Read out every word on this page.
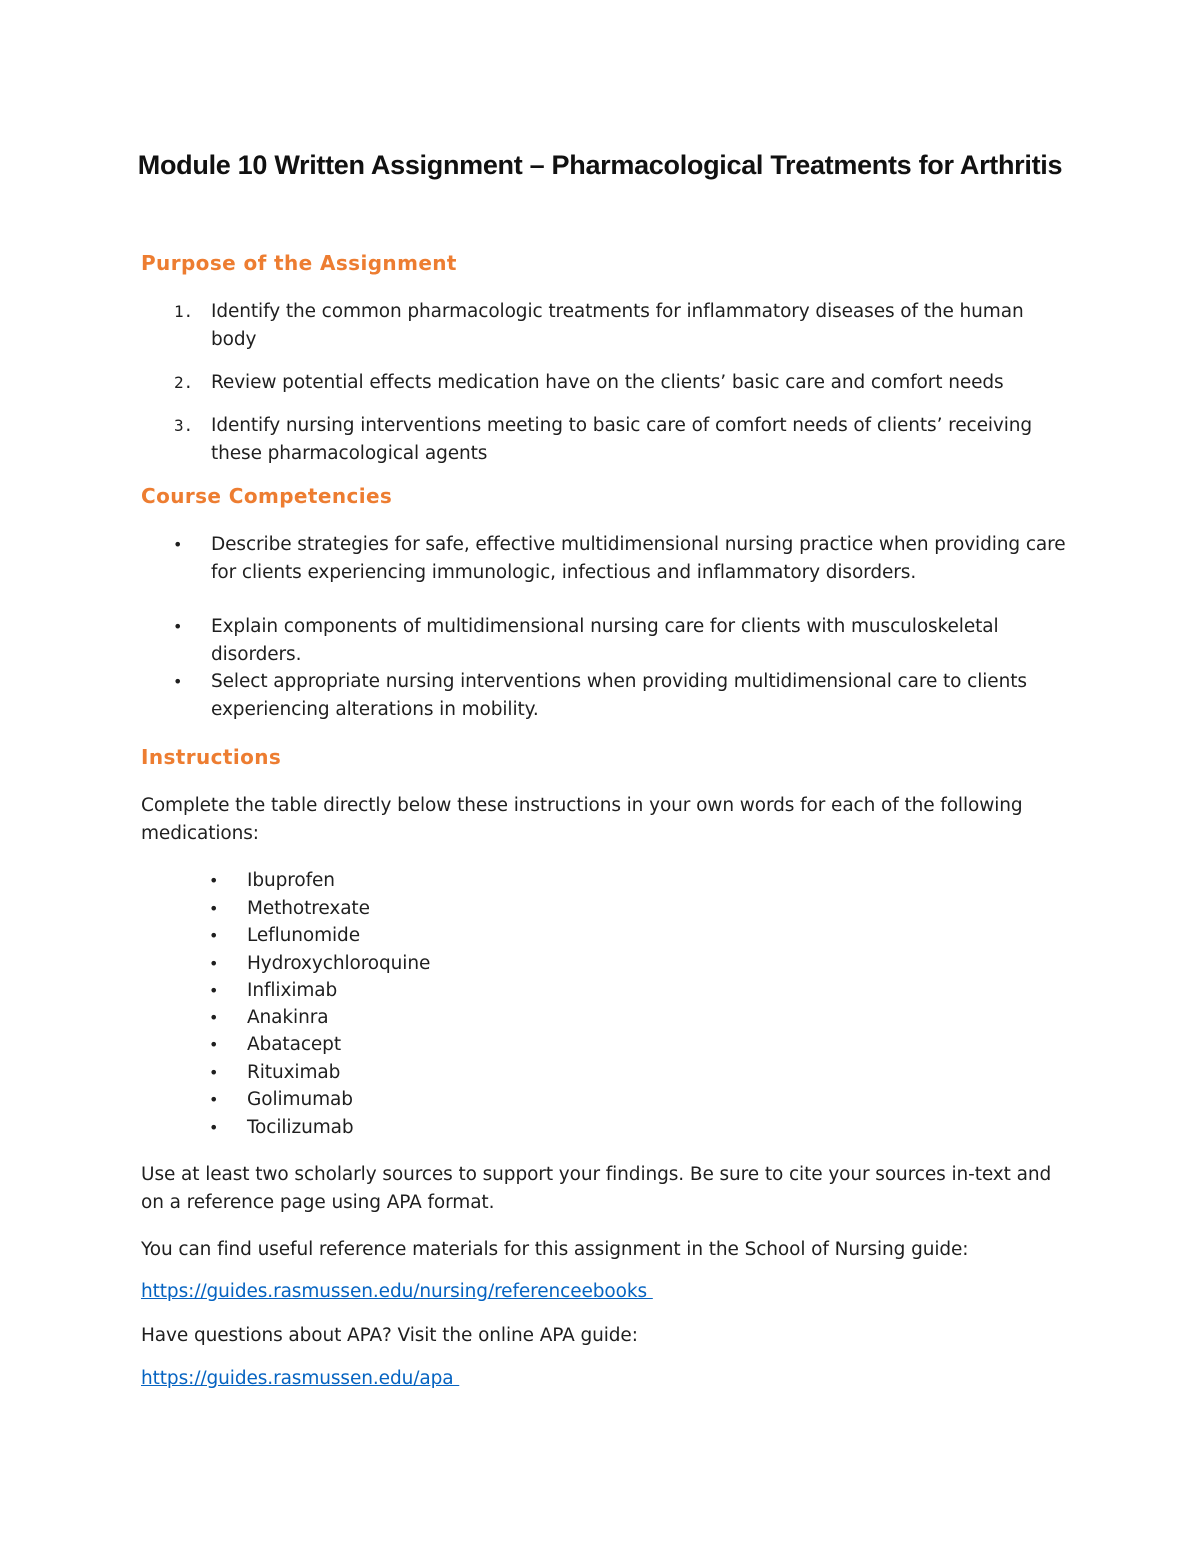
Module 10 Written Assignment – Pharmacological Treatments for Arthritis
Purpose of the Assignment
1. Identify the common pharmacologic treatments for inflammatory diseases of the human body
2. Review potential effects medication have on the clients’ basic care and comfort needs
3. Identify nursing interventions meeting to basic care of comfort needs of clients’ receiving these pharmacological agents
Course Competencies
• Describe strategies for safe, effective multidimensional nursing practice when providing care for clients experiencing immunologic, infectious and inflammatory disorders.
• Explain components of multidimensional nursing care for clients with musculoskeletal disorders.
• Select appropriate nursing interventions when providing multidimensional care to clients experiencing alterations in mobility.
Instructions

Complete the table directly below these instructions in your own words for each of the following medications:

• Ibuprofen
• Methotrexate
• Leflunomide
• Hydroxychloroquine
• Infliximab
• Anakinra
• Abatacept
• Rituximab
• Golimumab
• Tocilizumab

Use at least two scholarly sources to support your findings. Be sure to cite your sources in-text and on a reference page using APA format.

You can find useful reference materials for this assignment in the School of Nursing guide:

https://guides.rasmussen.edu/nursing/referenceebooks

Have questions about APA? Visit the online APA guide:

https://guides.rasmussen.edu/apa
